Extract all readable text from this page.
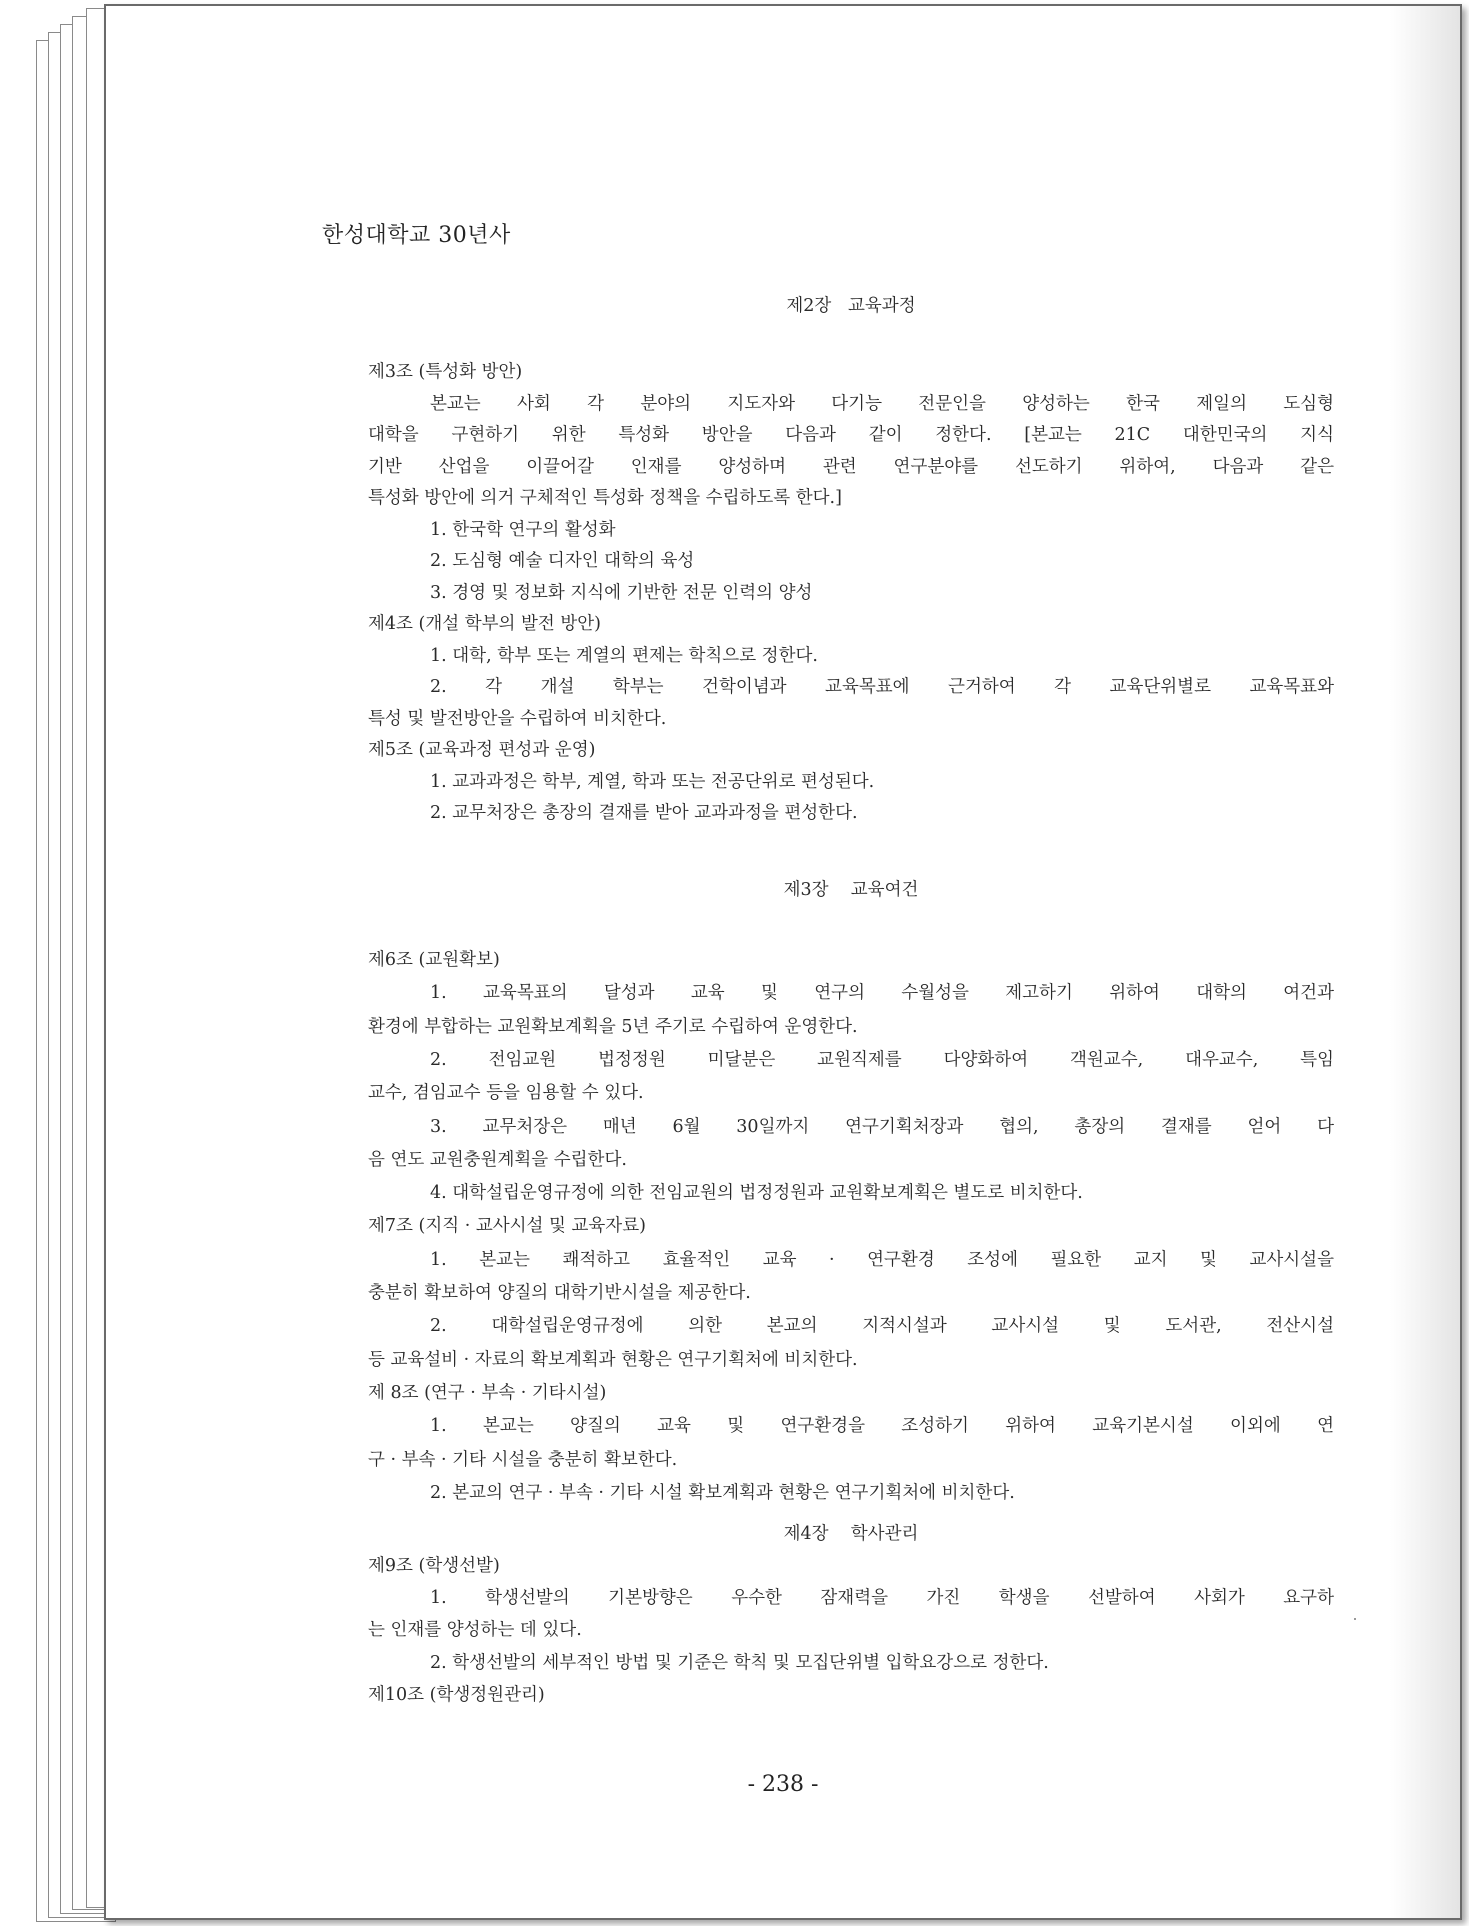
한성대학교 30년사
제2장   교육과정
제3조 (특성화 방안)
본교는 사회 각 분야의 지도자와 다기능 전문인을 양성하는 한국 제일의 도심형
대학을 구현하기 위한 특성화 방안을 다음과 같이 정한다. [본교는 21C 대한민국의 지식
기반 산업을 이끌어갈 인재를 양성하며 관련 연구분야를 선도하기 위하여, 다음과 같은
특성화 방안에 의거 구체적인 특성화 정책을 수립하도록 한다.]
1. 한국학 연구의 활성화
2. 도심형 예술 디자인 대학의 육성
3. 경영 및 정보화 지식에 기반한 전문 인력의 양성
제4조 (개설 학부의 발전 방안)
1. 대학, 학부 또는 계열의 편제는 학칙으로 정한다.
2. 각 개설 학부는 건학이념과 교육목표에 근거하여 각 교육단위별로 교육목표와
특성 및 발전방안을 수립하여 비치한다.
제5조 (교육과정 편성과 운영)
1. 교과과정은 학부, 계열, 학과 또는 전공단위로 편성된다.
2. 교무처장은 총장의 결재를 받아 교과과정을 편성한다.
제3장    교육여건
제6조 (교원확보)
1. 교육목표의 달성과 교육 및 연구의 수월성을 제고하기 위하여 대학의 여건과
환경에 부합하는 교원확보계획을 5년 주기로 수립하여 운영한다.
2. 전임교원 법정정원 미달분은 교원직제를 다양화하여 객원교수, 대우교수, 특임
교수, 겸임교수 등을 임용할 수 있다.
3. 교무처장은 매년 6월 30일까지 연구기획처장과 협의, 총장의 결재를 얻어 다
음 연도 교원충원계획을 수립한다.
4. 대학설립운영규정에 의한 전임교원의 법정정원과 교원확보계획은 별도로 비치한다.
제7조 (지직 · 교사시설 및 교육자료)
1. 본교는 쾌적하고 효율적인 교육 · 연구환경 조성에 필요한 교지 및 교사시설을
충분히 확보하여 양질의 대학기반시설을 제공한다.
2. 대학설립운영규정에 의한 본교의 지적시설과 교사시설 및 도서관, 전산시설
등 교육설비 · 자료의 확보계획과 현황은 연구기획처에 비치한다.
제 8조 (연구 · 부속 · 기타시설)
1. 본교는 양질의 교육 및 연구환경을 조성하기 위하여 교육기본시설 이외에 연
구 · 부속 · 기타 시설을 충분히 확보한다.
2. 본교의 연구 · 부속 · 기타 시설 확보계획과 현황은 연구기획처에 비치한다.
제4장    학사관리
제9조 (학생선발)
1. 학생선발의 기본방향은 우수한 잠재력을 가진 학생을 선발하여 사회가 요구하
는 인재를 양성하는 데 있다.
2. 학생선발의 세부적인 방법 및 기준은 학칙 및 모집단위별 입학요강으로 정한다.
제10조 (학생정원관리)
- 238 -
